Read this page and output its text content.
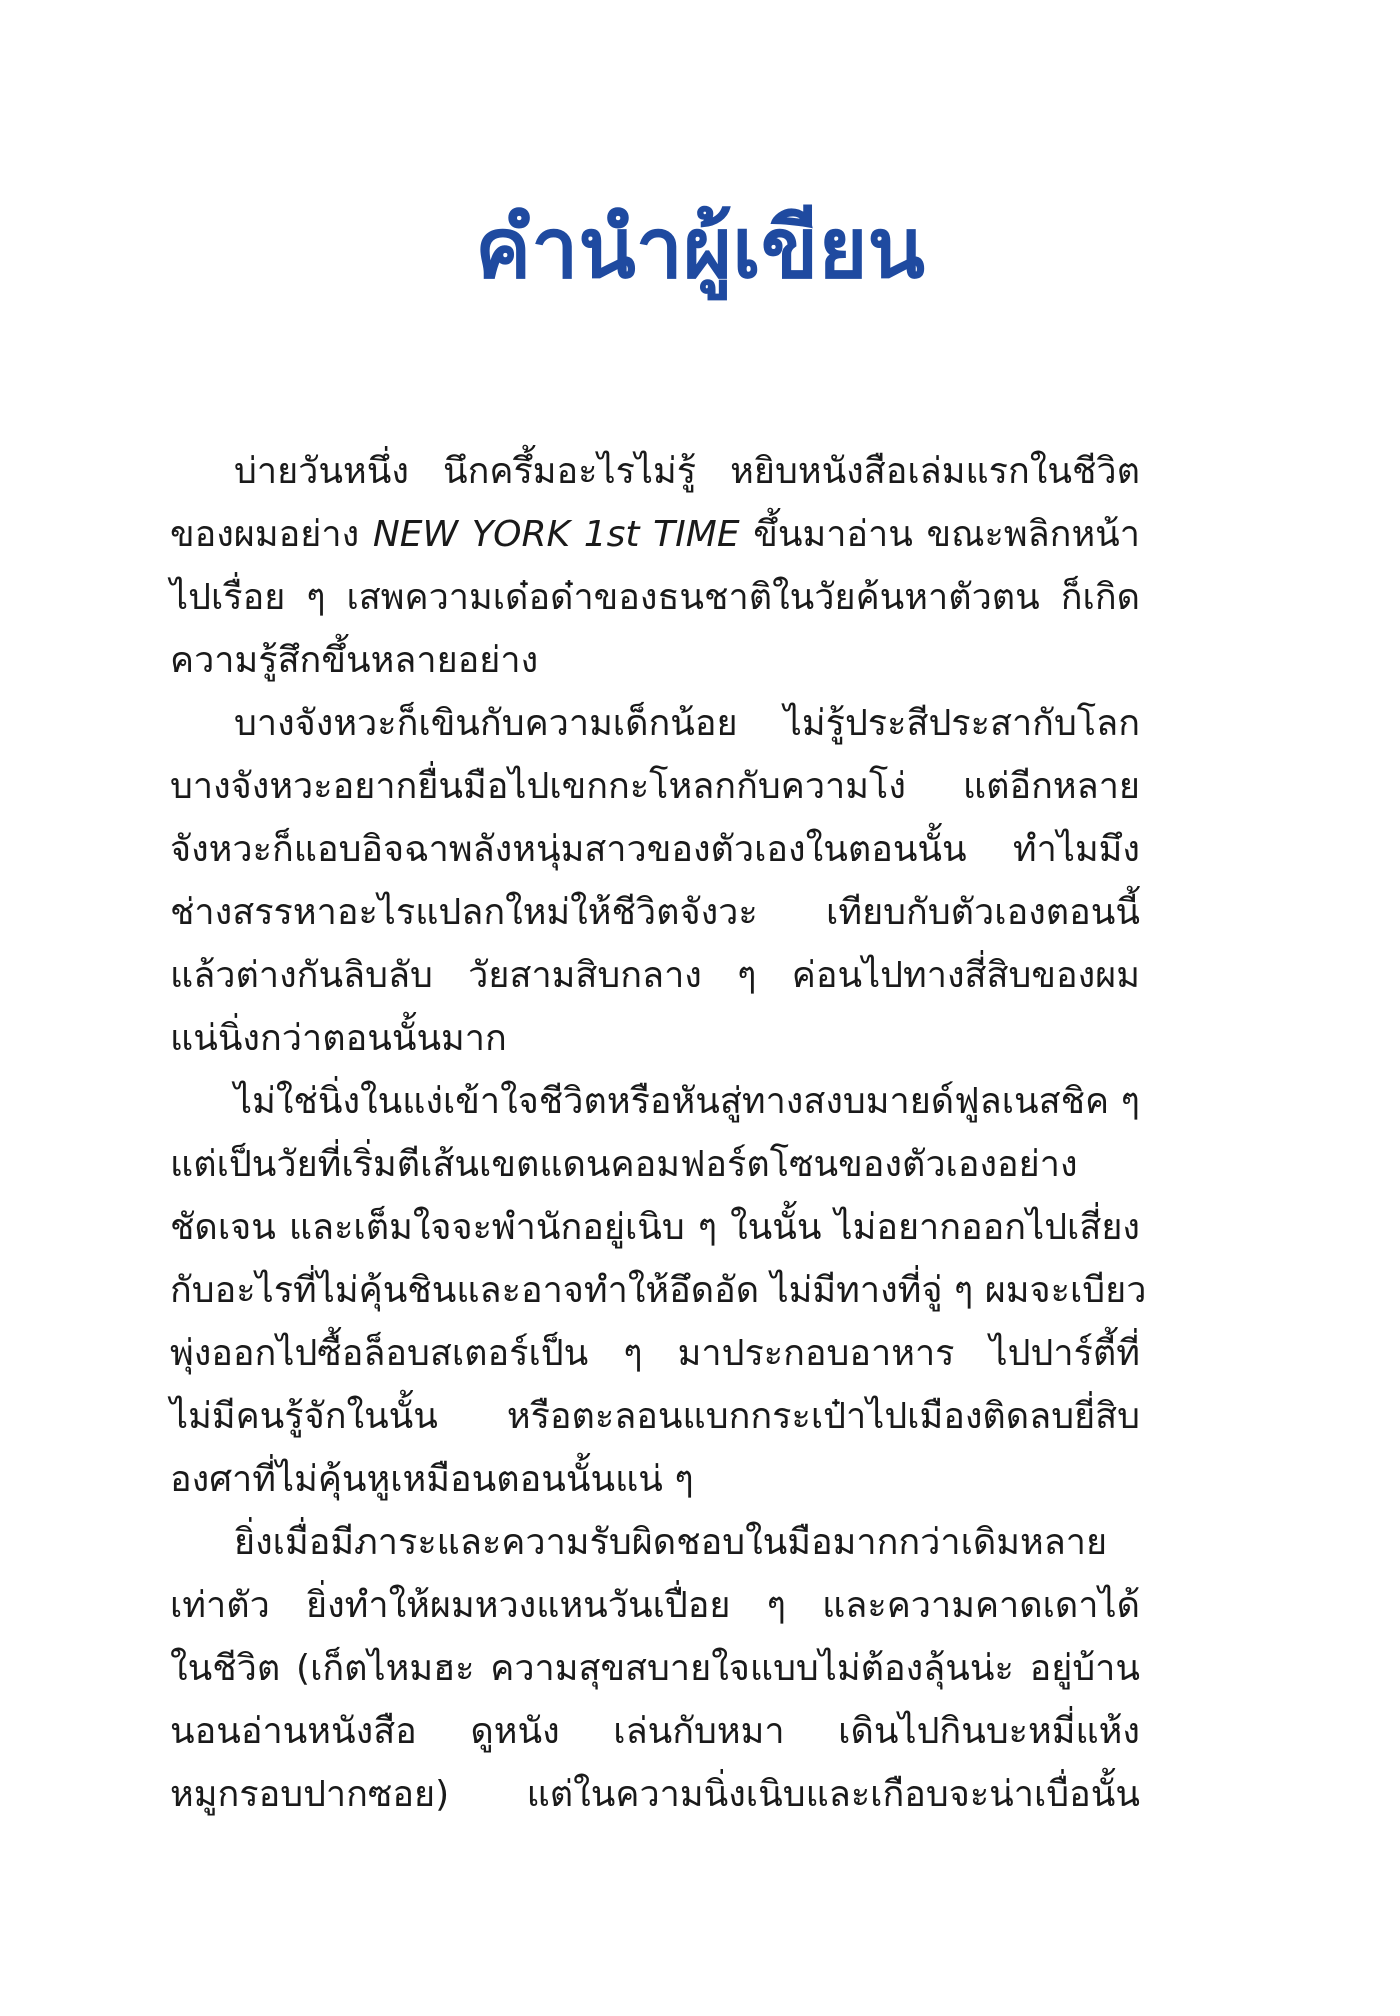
คำนำผู้เขียน
บ่ายวันหนึ่ง นึกครึ้มอะไรไม่รู้ หยิบหนังสือเล่มแรกในชีวิต
ของผมอย่าง NEW YORK 1st TIME ขึ้นมาอ่าน ขณะพลิกหน้า
ไปเรื่อย ๆ เสพความเด๋อด๋าของธนชาติในวัยค้นหาตัวตน ก็เกิด
ความรู้สึกขึ้นหลายอย่าง
บางจังหวะก็เขินกับความเด็กน้อย ไม่รู้ประสีประสากับโลก
บางจังหวะอยากยื่นมือไปเขกกะโหลกกับความโง่ แต่อีกหลาย
จังหวะก็แอบอิจฉาพลังหนุ่มสาวของตัวเองในตอนนั้น ทำไมมึง
ช่างสรรหาอะไรแปลกใหม่ให้ชีวิตจังวะ เทียบกับตัวเองตอนนี้
แล้วต่างกันลิบลับ วัยสามสิบกลาง ๆ ค่อนไปทางสี่สิบของผม
แน่นิ่งกว่าตอนนั้นมาก
ไม่ใช่นิ่งในแง่เข้าใจชีวิตหรือหันสู่ทางสงบมายด์ฟูลเนสชิค ๆ
แต่เป็นวัยที่เริ่มตีเส้นเขตแดนคอมฟอร์ตโซนของตัวเองอย่าง
ชัดเจน และเต็มใจจะพำนักอยู่เนิบ ๆ ในนั้น ไม่อยากออกไปเสี่ยง
กับอะไรที่ไม่คุ้นชินและอาจทำให้อึดอัด ไม่มีทางที่จู่ ๆ ผมจะเบียว
พุ่งออกไปซื้อล็อบสเตอร์เป็น ๆ มาประกอบอาหาร ไปปาร์ตี้ที่
ไม่มีคนรู้จักในนั้น หรือตะลอนแบกกระเป๋าไปเมืองติดลบยี่สิบ
องศาที่ไม่คุ้นหูเหมือนตอนนั้นแน่ ๆ
ยิ่งเมื่อมีภาระและความรับผิดชอบในมือมากกว่าเดิมหลาย
เท่าตัว ยิ่งทำให้ผมหวงแหนวันเปื่อย ๆ และความคาดเดาได้
ในชีวิต (เก็ตไหมฮะ ความสุขสบายใจแบบไม่ต้องลุ้นน่ะ อยู่บ้าน
นอนอ่านหนังสือ ดูหนัง เล่นกับหมา เดินไปกินบะหมี่แห้ง
หมูกรอบปากซอย) แต่ในความนิ่งเนิบและเกือบจะน่าเบื่อนั้น
